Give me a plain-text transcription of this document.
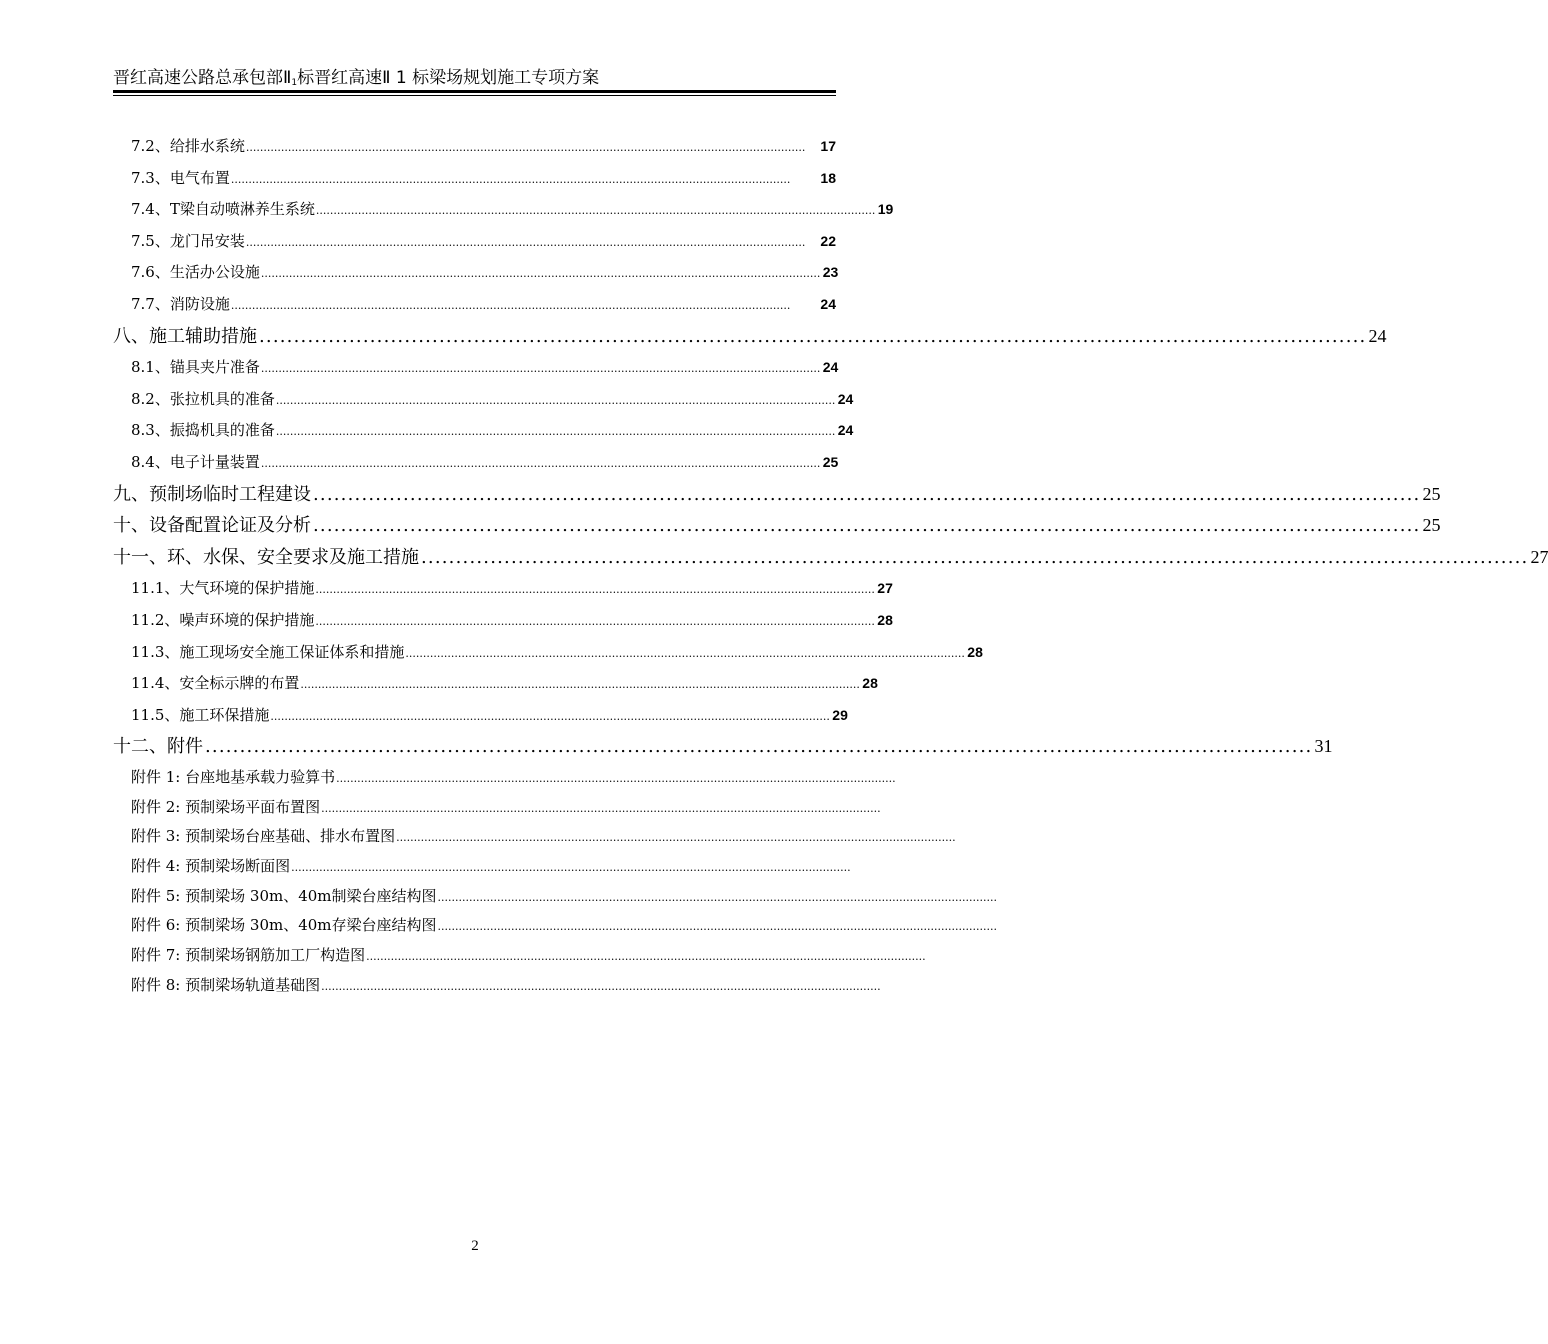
晋红高速公路总承包部$Ⅱ_1$标晋红高速Ⅱ 1 标梁场规划施工专项方案
7.2、给排水系统 ................................................................................................................................................................	17
7.3、电气布置 ................................................................................................................................................................	18
7.4、T梁自动喷淋养生系统 ................................................................................................................................................................ 19
7.5、龙门吊安装 ................................................................................................................................................................	22
7.6、生活办公设施 ................................................................................................................................................................ 23
7.7、消防设施 ................................................................................................................................................................	24
八、施工辅助措施 ................................................................................................................................................................ 24
8.1、锚具夹片准备 ................................................................................................................................................................ 24
8.2、张拉机具的准备 ................................................................................................................................................................ 24
8.3、振捣机具的准备 ................................................................................................................................................................ 24
8.4、电子计量装置 ................................................................................................................................................................ 25
九、预制场临时工程建设 ................................................................................................................................................................ 25
十、设备配置论证及分析 ................................................................................................................................................................ 25
十一、环、水保、安全要求及施工措施 ................................................................................................................................................................ 27
11.1、大气环境的保护措施 ................................................................................................................................................................ 27
11.2、噪声环境的保护措施 ................................................................................................................................................................ 28
11.3、施工现场安全施工保证体系和措施 ................................................................................................................................................................ 28
11.4、安全标示牌的布置 ................................................................................................................................................................ 28
11.5、施工环保措施 ................................................................................................................................................................ 29
十二、附件 ................................................................................................................................................................ 31
附件 1: 台座地基承载力验算书 ................................................................................................................................................................
附件 2: 预制梁场平面布置图 ................................................................................................................................................................
附件 3: 预制梁场台座基础、排水布置图 ................................................................................................................................................................
附件 4: 预制梁场断面图 ................................................................................................................................................................
附件 5: 预制梁场 30m、40m制梁台座结构图 ................................................................................................................................................................
附件 6: 预制梁场 30m、40m存梁台座结构图 ................................................................................................................................................................
附件 7: 预制梁场钢筋加工厂构造图 ................................................................................................................................................................
附件 8: 预制梁场轨道基础图 ................................................................................................................................................................
2
